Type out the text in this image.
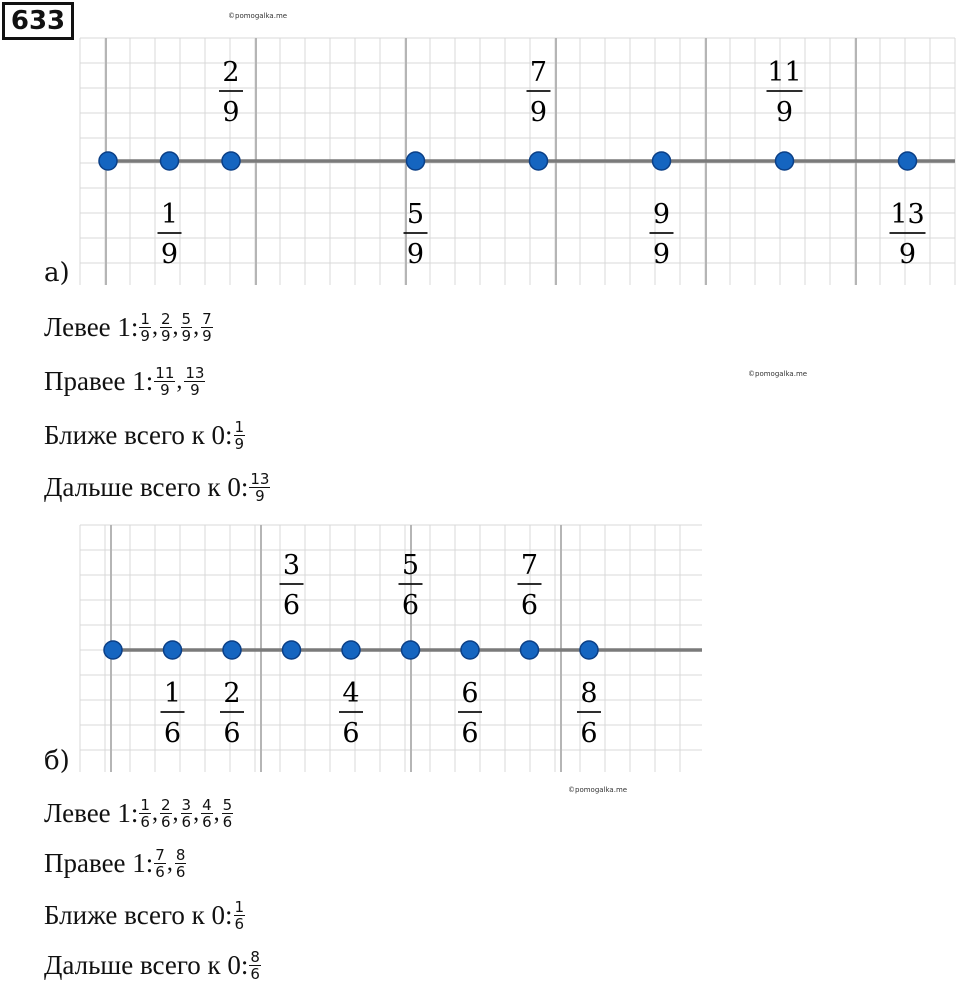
633	©pomogalka.me
©pomogalka.me
©pomogalka.me
2
9
7
9
11
9
1
9
5
9
9
9
13
9
а)
Левее 1: $\frac{1}{9}$ , $\frac{2}{9}$ , $\frac{5}{9}$ , $\frac{7}{9}$
Правее 1: $\frac{11}{9}$ , $\frac{13}{9}$
Ближе всего к 0: $\frac{1}{9}$
Дальше всего к 0: $\frac{13}{9}$
3
6
5
6
7
6
1
6
2
6
4
6
6
6
8
6
б)
Левее 1: $\frac{1}{6}$ , $\frac{2}{6}$ , $\frac{3}{6}$ , $\frac{4}{6}$ , $\frac{5}{6}$
Правее 1: $\frac{7}{6}$ , $\frac{8}{6}$
Ближе всего к 0: $\frac{1}{6}$
Дальше всего к 0: $\frac{8}{6}$
